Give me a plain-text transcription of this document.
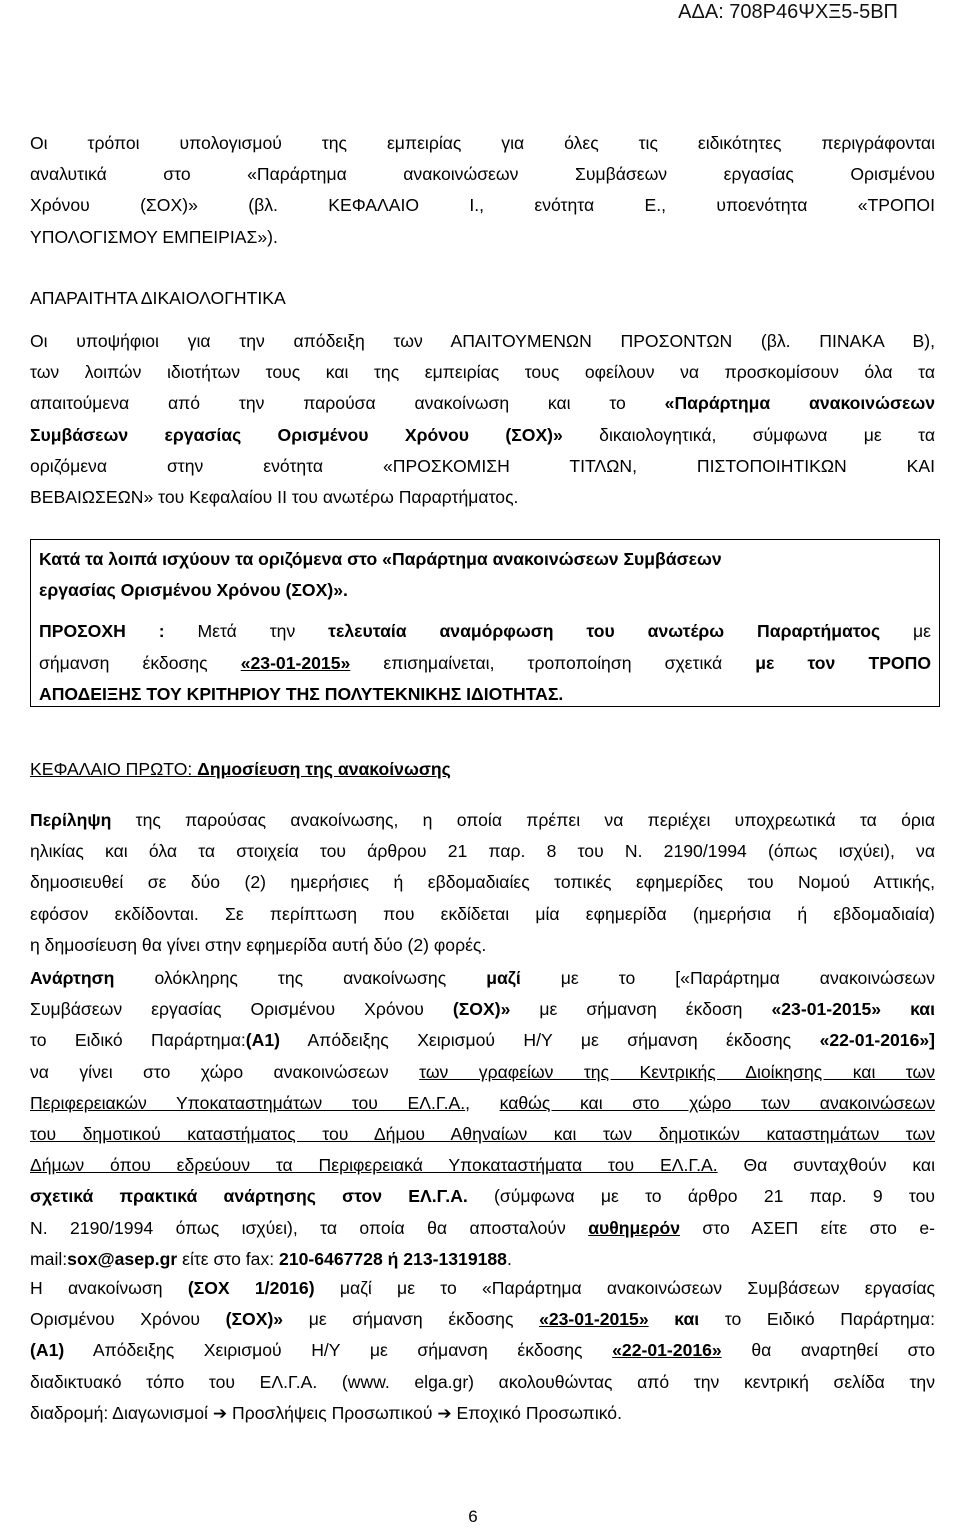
ΑΔΑ: 708Ρ46ΨΧΞ5-5ΒΠ

Οι τρόποι υπολογισμού της εμπειρίας για όλες τις ειδικότητες περιγράφονται

αναλυτικά στο «Παράρτημα ανακοινώσεων Συμβάσεων εργασίας Ορισμένου

Χρόνου (ΣΟΧ)» (βλ. ΚΕΦΑΛΑΙΟ Ι., ενότητα Ε., υποενότητα «ΤΡΟΠΟΙ

ΥΠΟΛΟΓΙΣΜΟΥ ΕΜΠΕΙΡΙΑΣ»).

ΑΠΑΡΑΙΤΗΤΑ ΔΙΚΑΙΟΛΟΓΗΤΙΚΑ

Οι υποψήφιοι για την απόδειξη των ΑΠΑΙΤΟΥΜΕΝΩΝ ΠΡΟΣΟΝΤΩΝ (βλ. ΠΙΝΑΚΑ Β),

των λοιπών ιδιοτήτων τους και της εμπειρίας τους οφείλουν να προσκομίσουν όλα τα

απαιτούμενα από την παρούσα ανακοίνωση και το «Παράρτημα ανακοινώσεων

Συμβάσεων εργασίας Ορισμένου Χρόνου (ΣΟΧ)» δικαιολογητικά, σύμφωνα με τα

οριζόμενα στην ενότητα «ΠΡΟΣΚΟΜΙΣΗ ΤΙΤΛΩΝ, ΠΙΣΤΟΠΟΙΗΤΙΚΩΝ ΚΑΙ

ΒΕΒΑΙΩΣΕΩΝ» του Κεφαλαίου ΙΙ του ανωτέρω Παραρτήματος.

Κατά τα λοιπά ισχύουν τα οριζόμενα στο «Παράρτημα ανακοινώσεων Συμβάσεων

εργασίας Ορισμένου Χρόνου (ΣΟΧ)».

ΠΡΟΣΟΧΗ : Μετά την τελευταία αναμόρφωση του ανωτέρω Παραρτήματος με

σήμανση έκδοσης «23-01-2015» επισημαίνεται, τροποποίηση σχετικά με τον ΤΡΟΠΟ

ΑΠΟΔΕΙΞΗΣ ΤΟΥ ΚΡΙΤΗΡΙΟΥ ΤΗΣ ΠΟΛΥΤΕΚΝΙΚΗΣ ΙΔΙΟΤΗΤΑΣ.

ΚΕΦΑΛΑΙΟ ΠΡΩΤΟ: Δημοσίευση της ανακοίνωσης

Περίληψη της παρούσας ανακοίνωσης, η οποία πρέπει να περιέχει υποχρεωτικά τα όρια

ηλικίας και όλα τα στοιχεία του άρθρου 21 παρ. 8 του Ν. 2190/1994 (όπως ισχύει), να

δημοσιευθεί σε δύο (2) ημερήσιες ή εβδομαδιαίες τοπικές εφημερίδες του Νομού Αττικής,

εφόσον εκδίδονται. Σε περίπτωση που εκδίδεται μία εφημερίδα (ημερήσια ή εβδομαδιαία)

η δημοσίευση θα γίνει στην εφημερίδα αυτή δύο (2) φορές.

Ανάρτηση ολόκληρης της ανακοίνωσης μαζί με το [«Παράρτημα ανακοινώσεων

Συμβάσεων εργασίας Ορισμένου Χρόνου (ΣΟΧ)» με σήμανση έκδοση «23-01-2015» και

το Ειδικό Παράρτημα:(Α1) Απόδειξης Χειρισμού Η/Υ με σήμανση έκδοσης «22-01-2016»]

να γίνει στο χώρο ανακοινώσεων των γραφείων της Κεντρικής Διοίκησης και των

Περιφερειακών Υποκαταστημάτων του ΕΛ.Γ.Α., καθώς και στο χώρο των ανακοινώσεων

του δημοτικού καταστήματος του Δήμου Αθηναίων και των δημοτικών καταστημάτων των

Δήμων όπου εδρεύουν τα Περιφερειακά Υποκαταστήματα του ΕΛ.Γ.Α. Θα συνταχθούν και

σχετικά πρακτικά ανάρτησης στον ΕΛ.Γ.Α. (σύμφωνα με το άρθρο 21 παρ. 9 του

Ν. 2190/1994 όπως ισχύει), τα οποία θα αποσταλούν αυθημερόν στο ΑΣΕΠ είτε στο e-

mail:sox@asep.gr είτε στο fax: 210-6467728 ή 213-1319188.

Η ανακοίνωση (ΣΟΧ 1/2016) μαζί με το «Παράρτημα ανακοινώσεων Συμβάσεων εργασίας

Ορισμένου Χρόνου (ΣΟΧ)» με σήμανση έκδοσης «23-01-2015» και το Ειδικό Παράρτημα:

(Α1) Απόδειξης Χειρισμού Η/Υ με σήμανση έκδοσης «22-01-2016» θα αναρτηθεί στο

διαδικτυακό τόπο του ΕΛ.Γ.Α. (www. elga.gr) ακολουθώντας από την κεντρική σελίδα την

διαδρομή: Διαγωνισμοί ➔ Προσλήψεις Προσωπικού ➔ Εποχικό Προσωπικό.

6
